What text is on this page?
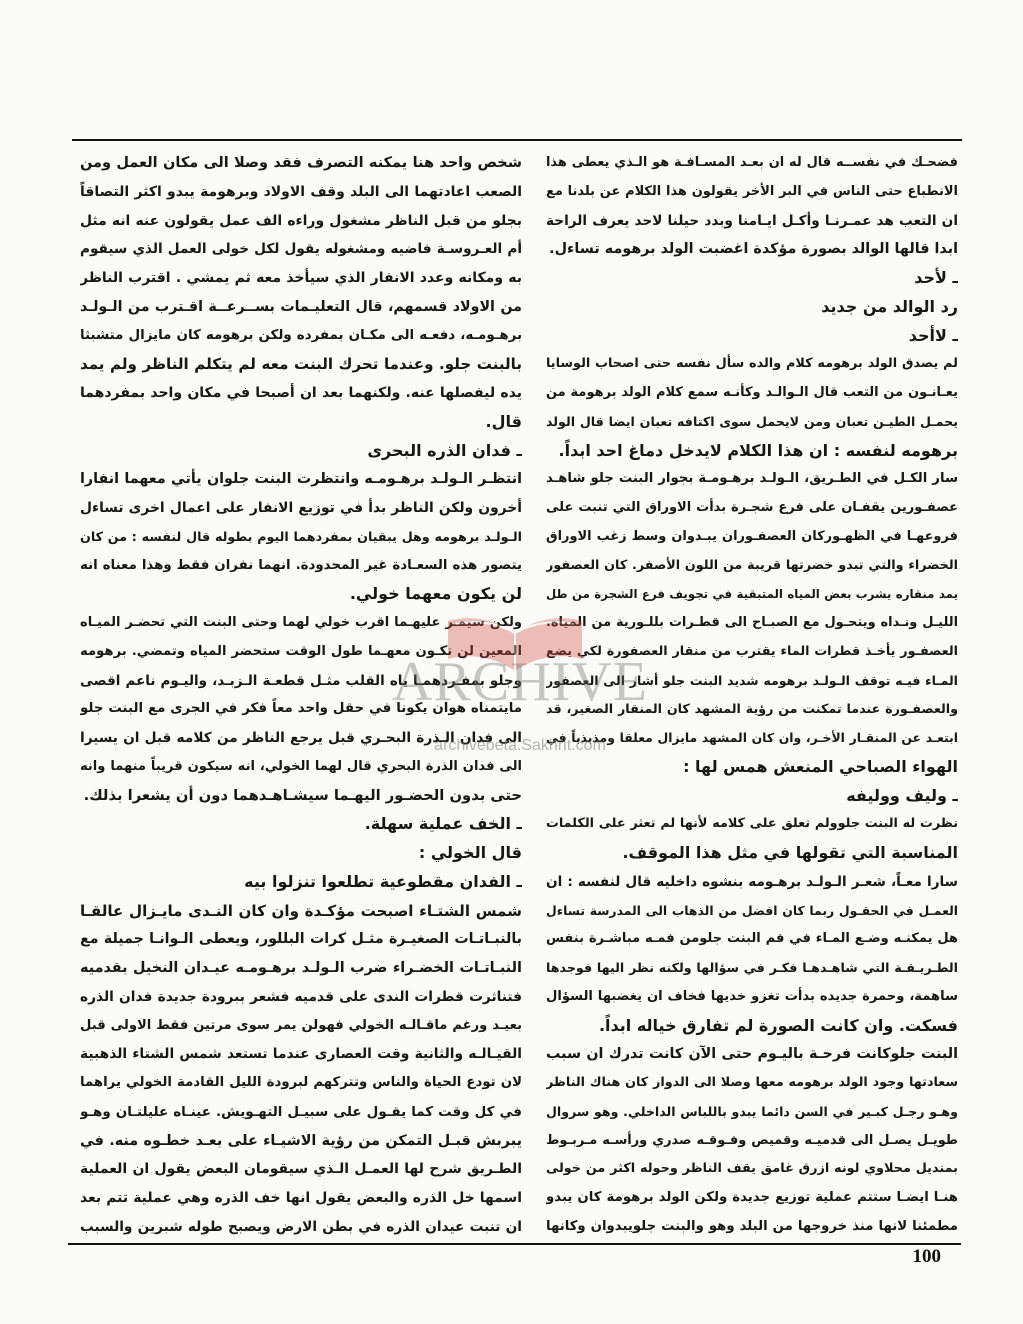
فضحـك في نفســه قال له ان بعـد المسـافـة هو الـذي يعطى هذا
الانطباع حتى الناس في البر الأخر يقولون هذا الكلام عن بلدنا مع
ان التعب هد عمـرنـا وأكـل ايـامنا وبدد حيلنا لاحد يعرف الراحة
ابدا قالها الوالد بصورة مؤكدة اغضبت الولد برهومه تساءل.
ـ لأحد
رد الوالد من جديد
ـ لاأحد
لم يصدق الولد برهومه كلام والده سأل نفسه حتى اصحاب الوسايا
يعـانـون من التعب قال الـوالـد وكأنـه سمع كلام الولد برهومة من
يحمـل الطيـن تعبان ومن لايحمل سوى اكتافه تعبان ايضا قال الولد
برهومه لنفسه : ان هذا الكلام لايدخل دماغ احد ابداً.
سار الكـل في الطـريق، الـولـد برهـومـة بجوار البنت جلو شاهـد
عصفـورين يقفـان على فرع شجـرة بدأت الاوراق التي تنبت على
فروعهـا في الظهـوركان العصفـوران يبـدوان وسط زغب الاوراق
الخضراء والتي تبدو خضرتها قريبة من اللون الأصفر. كان العصفور
يمد منقاره يشرب بعض المياه المتبقية في تجويف فرع الشجرة من طل
الليـل ونـداه ويتحـول مع الصبـاح الى قطـرات بللـورية من المياه.
العصفـور يأخـذ قطرات الماء يقترب من منقار العصفورة لكي يضع
المـاء فيـه توقف الـولـد برهومه شديد البنت جلو أشار الى العصفور
والعصفـورة عندما تمكنت من رؤية المشهد كان المنقار الصغير، قد
ابتعـد عن المنقـار الأخـر، وان كان المشهد مايزال معلقا ومذبذباً في
الهواء الصباحي المنعش همس لها :
ـ وليف ووليفه
نظرت له البنت جلوولم تعلق على كلامه لأنها لم تعثر على الكلمات
المناسبة التي تقولها في مثل هذا الموقف.
سارا معـاً، شعـر الـولـد برهـومه بنشوه داخليه قال لنفسه : ان
العمـل في الحقـول ربما كان افضل من الذهاب الى المدرسة تساءل
هل يمكنـه وضـع المـاء في فم البنت جلومن فمـه مباشـرة بنفس
الطـريـقـة التي شاهـدهـا فكـر في سؤالها ولكنه نظر اليها فوجدها
ساهمة، وحمرة جديده بدأت تغزو خديها فخاف ان يغضبها السؤال
فسكت. وان كانت الصورة لم تفارق خياله ابداً.
البنت جلوكانت فرحـة باليـوم حتى الآن كانت تدرك ان سبب
سعادتها وجود الولد برهومه معها وصلا الى الدوار كان هناك الناظر
وهـو رجـل كبـير في السن دائما يبدو باللباس الداخلي. وهو سروال
طويـل يصـل الى قدميـه وقميص وفـوقـه صدري ورأسـه مـربـوط
بمنديل محلاوي لونه ازرق غامق يقف الناظر وحوله اكثر من خولى
هنـا ايضـا ستتم عملية توزيع جديدة ولكن الولد برهومة كان يبدو
مطمئنا لانها منذ خروجها من البلد وهو والبنت جلويبدوان وكانها
شخص واحد هنا يمكنه التصرف فقد وصلا الى مكان العمل ومن
الصعب اعادتهما الى البلد وقف الاولاد وبرهومة يبدو اكثر التصاقاً
بجلو من قبل الناظر مشغول وراءه الف عمل يقولون عنه انه مثل
أم العـروسـة فاضيه ومشغوله يقول لكل خولى العمل الذي سيقوم
به ومكانه وعدد الانفار الذي سيأخذ معه ثم يمشي . اقترب الناظر
من الاولاد قسمهم، قال التعليـمات بســرعــة اقـترب من الـولـد
برهـومـه، دفعـه الى مكـان بمفرده ولكن برهومه كان مايزال متشبثا
بالبنت جلو. وعندما تحرك البنت معه لم يتكلم الناظر ولم يمد
يده ليفصلها عنه. ولكنهما بعد ان أصبحا في مكان واحد بمفردهما
قال.
ـ فدان الذره البحرى
انتظـر الـولـد برهـومـه وانتظرت البنت جلوان يأتي معهما انفارا
أخرون ولكن الناظر بدأ في توزيع الانفار على اعمال اخرى تساءل
الـولـد برهومه وهل يبقيان بمفردهما اليوم بطوله قال لنفسه : من كان
يتصور هذه السعـادة غير المحدودة. انهما نفران فقط وهذا معناه انه
لن يكون معهما خولي.
ولكن سيمـر عليهـما اقرب خولي لهما وحتى البنت التي تحضـر الميـاه
المعين لن تكـون معهـما طول الوقت ستحضر المياه وتمضي. برهومه
وجلو بمفـردهمـا ياه القلب مثـل قطعـة الـزبـد، واليـوم ناعم اقصى
مايتمناه هوان يكونا في حقل واحد معاً فكر في الجرى مع البنت جلو
الى فدان الـذرة البحـري قبل يرجع الناظر من كلامه قبل ان يسيرا
الى فدان الذرة البحري قال لهما الخولي، انه سيكون قريباً منهما وانه
حتى بدون الحضـور اليهـما سيشـاهـدهما دون أن يشعرا بذلك.
ـ الخف عملية سهلة.
قال الخولي :
ـ الفدان مقطوعية تطلعوا تنزلوا بيه
شمس الشتـاء اصبحت مؤكـدة وان كان النـدى مايـزال عالقـا
بالنبـاتـات الصغيـرة مثـل كرات البللور، ويعطى الـوانـا جميلة مع
النبـاتـات الخضـراء ضرب الـولـد برهـومـه عيـدان النخيل بقدميه
فتناثرت قطرات الندى على قدميه فشعر ببرودة جديدة فدان الذره
بعيـد ورغم ماقـالـه الخولي فهولن يمر سوى مرتين فقط الاولى قبل
القيـالـه والثانية وقت العصارى عندما تستعد شمس الشتاء الذهبية
لان تودع الحياة والناس وتتركهم لبرودة الليل القادمة الخولي يراهما
في كل وقت كما يقـول على سبيـل التهـويش. عينـاه عليلتـان وهـو
يبربش قبـل التمكن من رؤية الاشيـاء على بعـد خطـوه منه. في
الطـريق شرح لها العمـل الـذي سيقومان البعض يقول ان العملية
اسمها خل الذره والبعض يقول انها خف الذره وهي عملية تتم بعد
ان تنبت عيدان الذره في بطن الارض ويصبح طوله شبرين والسبب
100
ARCHIVE
archivebeta.Sakhrit.com
